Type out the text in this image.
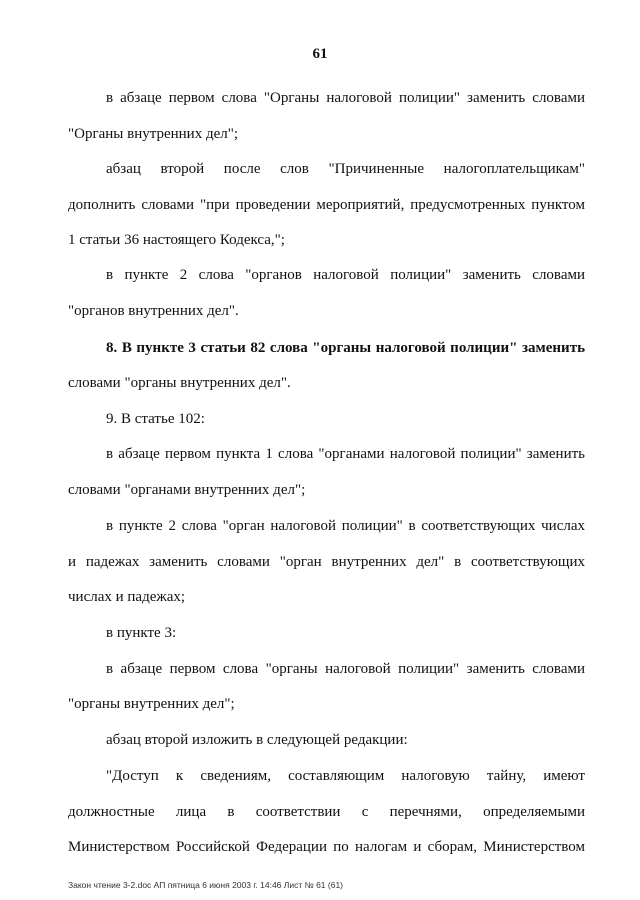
61
в абзаце первом слова "Органы налоговой полиции" заменить словами
"Органы внутренних дел";
абзац второй после слов "Причиненные налогоплательщикам"
дополнить словами "при проведении мероприятий, предусмотренных пунктом
1 статьи 36 настоящего Кодекса,";
в пункте 2 слова "органов налоговой полиции" заменить словами
"органов внутренних дел".
8. В пункте 3 статьи 82 слова "органы налоговой полиции" заменить
словами "органы внутренних дел".
9. В статье 102:
в абзаце первом пункта 1 слова "органами налоговой полиции" заменить
словами "органами внутренних дел";
в пункте 2 слова "орган налоговой полиции" в соответствующих числах
и падежах заменить словами "орган внутренних дел" в соответствующих
числах и падежах;
в пункте 3:
в абзаце первом слова "органы налоговой полиции" заменить словами
"органы внутренних дел";
абзац второй изложить в следующей редакции:
"Доступ к сведениям, составляющим налоговую тайну, имеют
должностные лица в соответствии с перечнями, определяемыми
Министерством Российской Федерации по налогам и сборам, Министерством
Закон чтение 3-2.doc АП пятница 6 июня 2003 г. 14:46 Лист № 61 (61)
